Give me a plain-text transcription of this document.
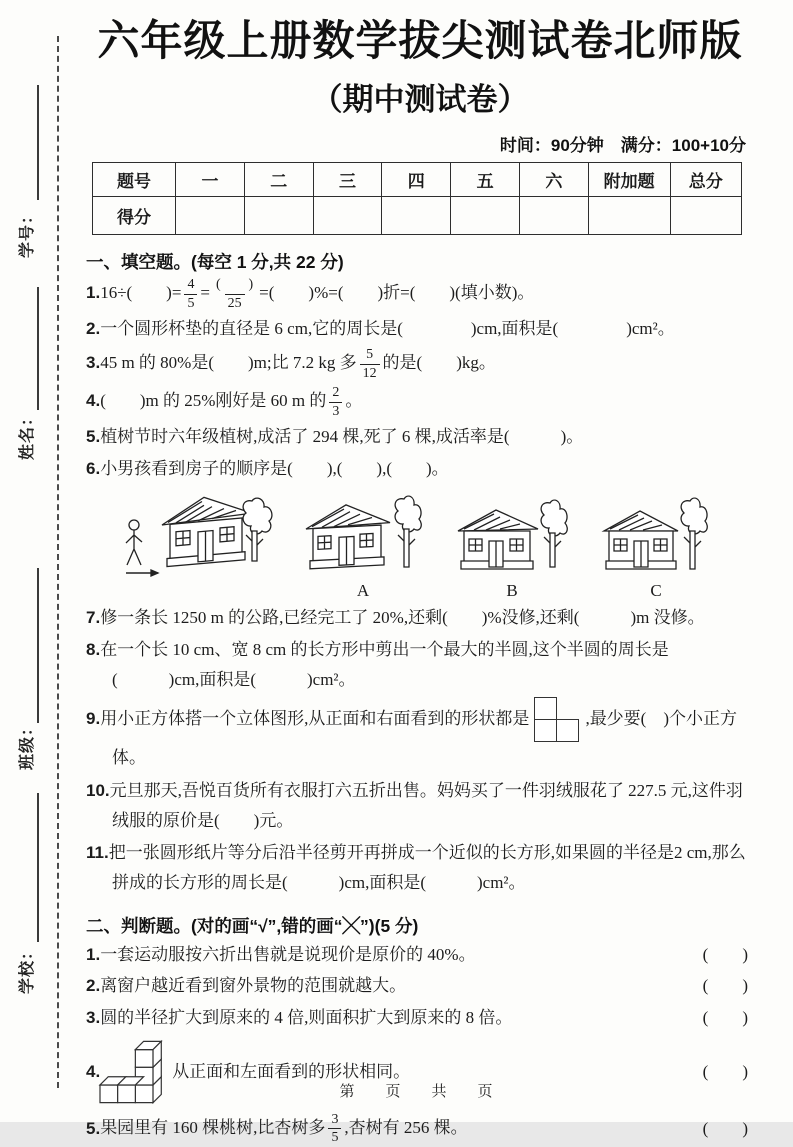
学号：
姓名：
班级：
学校：
六年级上册数学拔尖测试卷北师版
（期中测试卷）
时间：90分钟　满分：100+10分
题号	一	二	三	四	五	六	附加题	总分
得分								
一、填空题。(每空 1 分,共 22 分)
1.16÷(　　)= $\frac{4}{5} = \frac{( )}{25}$ =(　　)%=(　　)折=(　　)(填小数)。
2.一个圆形杯垫的直径是 6 cm,它的周长是(　　　　)cm,面积是(　　　　)cm²。
3.45 m 的 80%是(　　)m;比 7.2 kg 多 $\frac{5}{12}$ 的是(　　)kg。
4.(　　)m 的 25%刚好是 60 m 的 $\frac{2}{3}$ 。
5.植树节时六年级植树,成活了 294 棵,死了 6 棵,成活率是(　　　)。
6.小男孩看到房子的顺序是(　　),(　　),(　　)。

A	B	C
7.修一条长 1250 m 的公路,已经完工了 20%,还剩(　　)%没修,还剩(　　　)m 没修。
8.在一个长 10 cm、宽 8 cm 的长方形中剪出一个最大的半圆,这个半圆的周长是 (　　　)cm,面积是(　　　)cm²。
9.用小正方体搭一个立体图形,从正面和右面看到的形状都是	,最少要(　)个小正方体。
10.元旦那天,吾悦百货所有衣服打六五折出售。妈妈买了一件羽绒服花了 227.5 元,这件羽绒服的原价是(　　)元。
11.把一张圆形纸片等分后沿半径剪开再拼成一个近似的长方形,如果圆的半径是2 cm,那么拼成的长方形的周长是(　　　)cm,面积是(　　　)cm²。
二、判断题。(对的画“√”,错的画“╳”)(5 分)
1. 一套运动服按六折出售就是说现价是原价的 40%。	(　　)
2. 离窗户越近看到窗外景物的范围就越大。	(　　)
3. 圆的半径扩大到原来的 4 倍,则面积扩大到原来的 8 倍。	(　　)
4.	从正面和左面看到的形状相同。	(　　)
5. 果园里有 160 棵桃树,比杏树多 $\frac{3}{5}$ ,杏树有 256 棵。	(　　)
第　页　共　页
